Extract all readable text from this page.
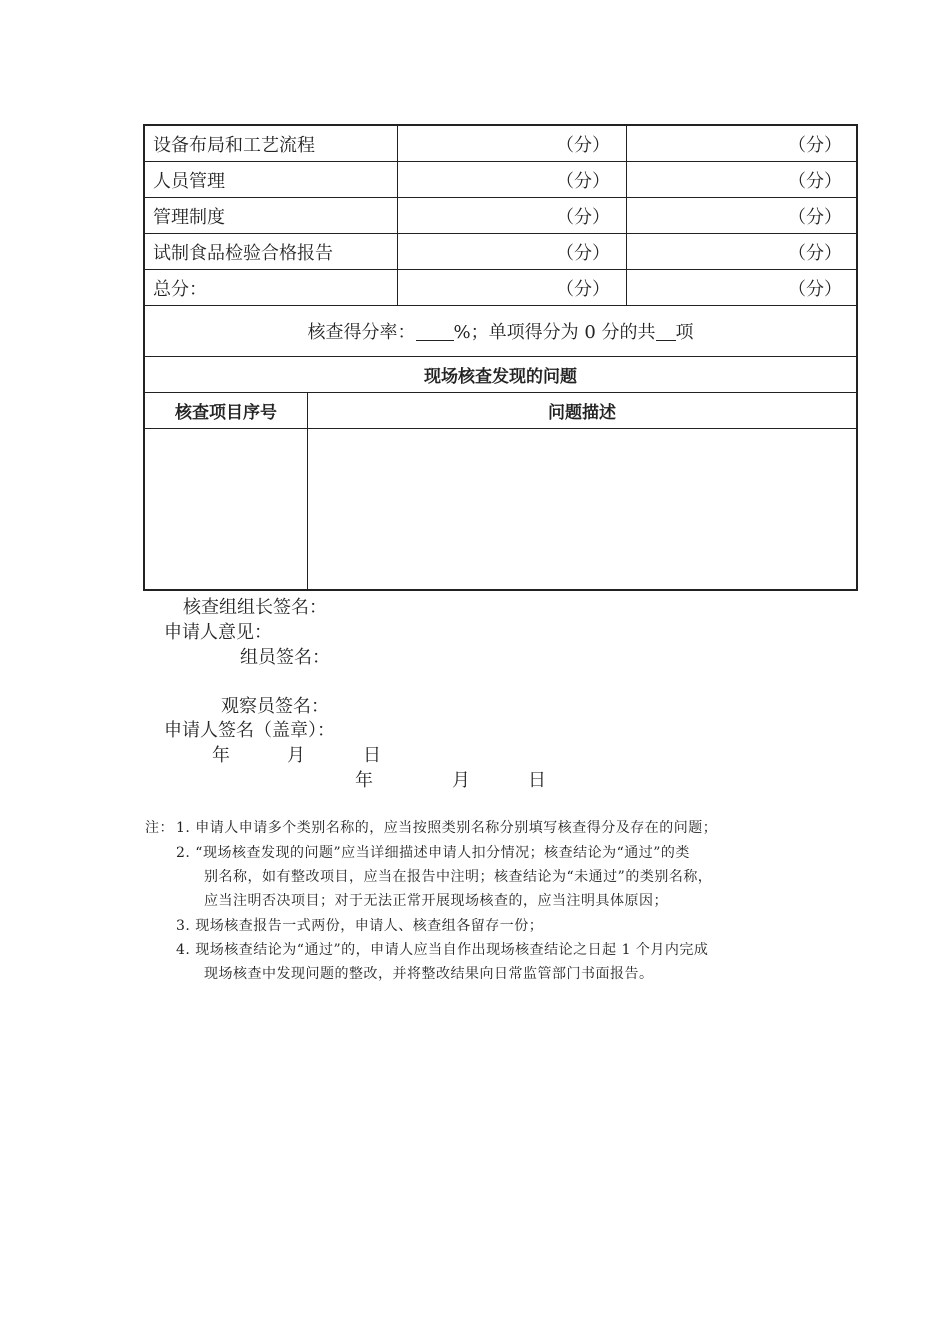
设备布局和工艺流程	（分）	（分）
人员管理	（分）	（分）
管理制度	（分）	（分）
试制食品检验合格报告	（分）	（分）
总分：	（分）	（分）
核查得分率： %；单项得分为 0 分的共 项
现场核查发现的问题
核查项目序号	问题描述
核查组组长签名：
申请人意见：
组员签名：
观察员签名：
申请人签名（盖章）：
年	月	日
年	月	日
注： 1. 申请人申请多个类别名称的，应当按照类别名称分别填写核查得分及存在的问题；
2. “现场核查发现的问题”应当详细描述申请人扣分情况；核查结论为“通过”的类
别名称，如有整改项目，应当在报告中注明；核查结论为“未通过”的类别名称，
应当注明否决项目；对于无法正常开展现场核查的，应当注明具体原因；
3. 现场核查报告一式两份，申请人、核查组各留存一份；
4. 现场核查结论为“通过”的，申请人应当自作出现场核查结论之日起 1 个月内完成
现场核查中发现问题的整改，并将整改结果向日常监管部门书面报告。
